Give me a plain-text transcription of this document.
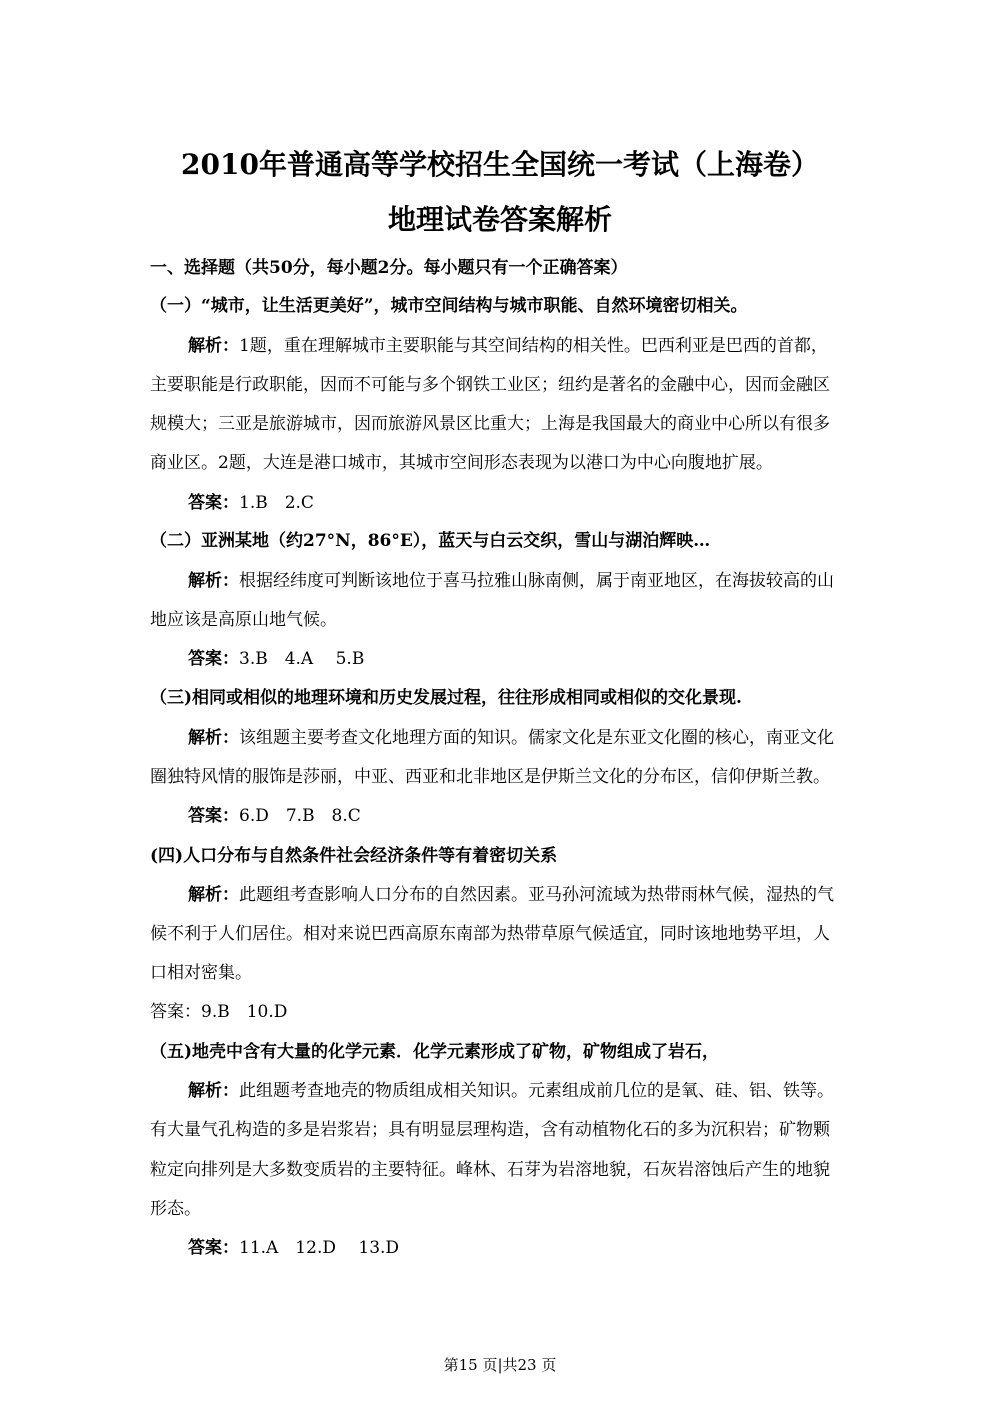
2010年普通高等学校招生全国统一考试（上海卷）
地理试卷答案解析
一、选择题（共50分，每小题2分。每小题只有一个正确答案）
（一）“城市，让生活更美好”，城市空间结构与城市职能、自然环境密切相关。
解析：1题，重在理解城市主要职能与其空间结构的相关性。巴西利亚是巴西的首都，
主要职能是行政职能，因而不可能与多个钢铁工业区；纽约是著名的金融中心，因而金融区
规模大；三亚是旅游城市，因而旅游风景区比重大；上海是我国最大的商业中心所以有很多
商业区。2题，大连是港口城市，其城市空间形态表现为以港口为中心向腹地扩展。
答案：1.B　2.C
（二）亚洲某地（约27°N，86°E），蓝天与白云交织，雪山与湖泊辉映…
解析：根据经纬度可判断该地位于喜马拉雅山脉南侧，属于南亚地区，在海拔较高的山
地应该是高原山地气候。
答案：3.B　4.A　 5.B
（三)相同或相似的地理环境和历史发展过程，往往形成相同或相似的交化景现.
解析：该组题主要考查文化地理方面的知识。儒家文化是东亚文化圈的核心，南亚文化
圈独特风情的服饰是莎丽，中亚、西亚和北非地区是伊斯兰文化的分布区，信仰伊斯兰教。
答案：6.D　7.B　8.C
(四)人口分布与自然条件社会经济条件等有着密切关系
解析：此题组考查影响人口分布的自然因素。亚马孙河流域为热带雨林气候，湿热的气
候不利于人们居住。相对来说巴西高原东南部为热带草原气候适宜，同时该地地势平坦，人
口相对密集。
答案：9.B　10.D
（五)地壳中含有大量的化学元素．化学元素形成了矿物，矿物组成了岩石，
解析：此组题考查地壳的物质组成相关知识。元素组成前几位的是氧、硅、铝、铁等。
有大量气孔构造的多是岩浆岩；具有明显层理构造，含有动植物化石的多为沉积岩；矿物颗
粒定向排列是大多数变质岩的主要特征。峰林、石芽为岩溶地貌，石灰岩溶蚀后产生的地貌
形态。
答案：11.A　12.D　 13.D
第15 页|共23 页
